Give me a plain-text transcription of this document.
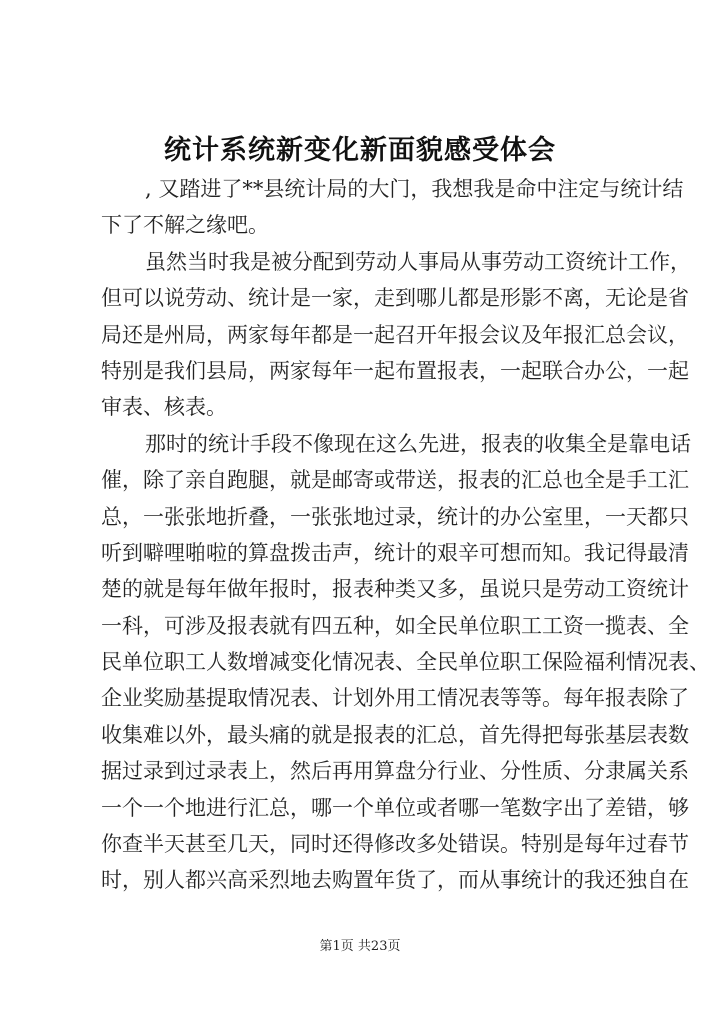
统计系统新变化新面貌感受体会
, 又踏进了**县统计局的大门，我想我是命中注定与统计结
下了不解之缘吧。
虽然当时我是被分配到劳动人事局从事劳动工资统计工作，
但可以说劳动、统计是一家，走到哪儿都是形影不离，无论是省
局还是州局，两家每年都是一起召开年报会议及年报汇总会议，
特别是我们县局，两家每年一起布置报表，一起联合办公，一起
审表、核表。
那时的统计手段不像现在这么先进，报表的收集全是靠电话
催，除了亲自跑腿，就是邮寄或带送，报表的汇总也全是手工汇
总，一张张地折叠，一张张地过录，统计的办公室里，一天都只
听到噼哩啪啦的算盘拨击声，统计的艰辛可想而知。我记得最清
楚的就是每年做年报时，报表种类又多，虽说只是劳动工资统计
一科，可涉及报表就有四五种，如全民单位职工工资一揽表、全
民单位职工人数增减变化情况表、全民单位职工保险福利情况表、
企业奖励基提取情况表、计划外用工情况表等等。每年报表除了
收集难以外，最头痛的就是报表的汇总，首先得把每张基层表数
据过录到过录表上，然后再用算盘分行业、分性质、分隶属关系
一个一个地进行汇总，哪一个单位或者哪一笔数字出了差错，够
你查半天甚至几天，同时还得修改多处错误。特别是每年过春节
时，别人都兴高采烈地去购置年货了，而从事统计的我还独自在
第1页 共23页
